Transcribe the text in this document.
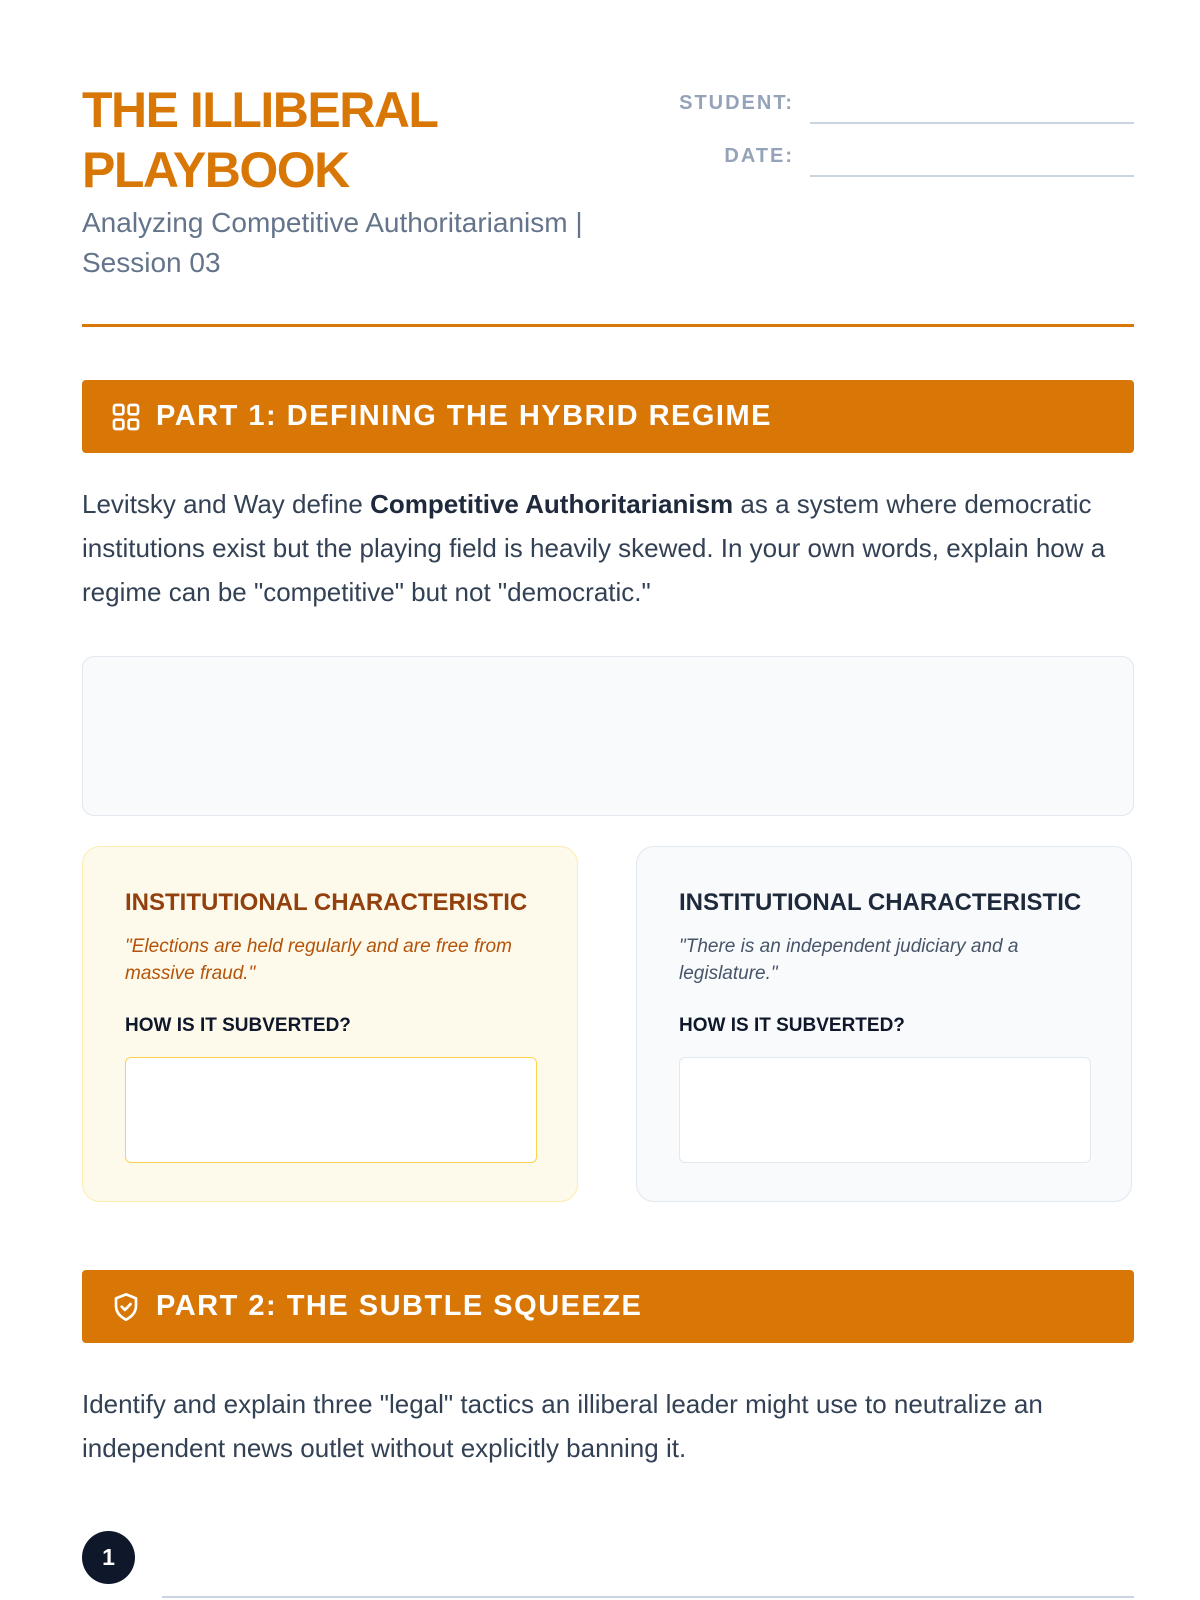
THE ILLIBERAL PLAYBOOK
Analyzing Competitive Authoritarianism | Session 03
STUDENT:
DATE:
PART 1: DEFINING THE HYBRID REGIME

Levitsky and Way define Competitive Authoritarianism as a system where democratic institutions exist but the playing field is heavily skewed. In your own words, explain how a regime can be "competitive" but not "democratic."

INSTITUTIONAL CHARACTERISTIC
"Elections are held regularly and are free from massive fraud."
HOW IS IT SUBVERTED?
INSTITUTIONAL CHARACTERISTIC
"There is an independent judiciary and a legislature."
HOW IS IT SUBVERTED?
PART 2: THE SUBTLE SQUEEZE

Identify and explain three "legal" tactics an illiberal leader might use to neutralize an independent news outlet without explicitly banning it.

1
